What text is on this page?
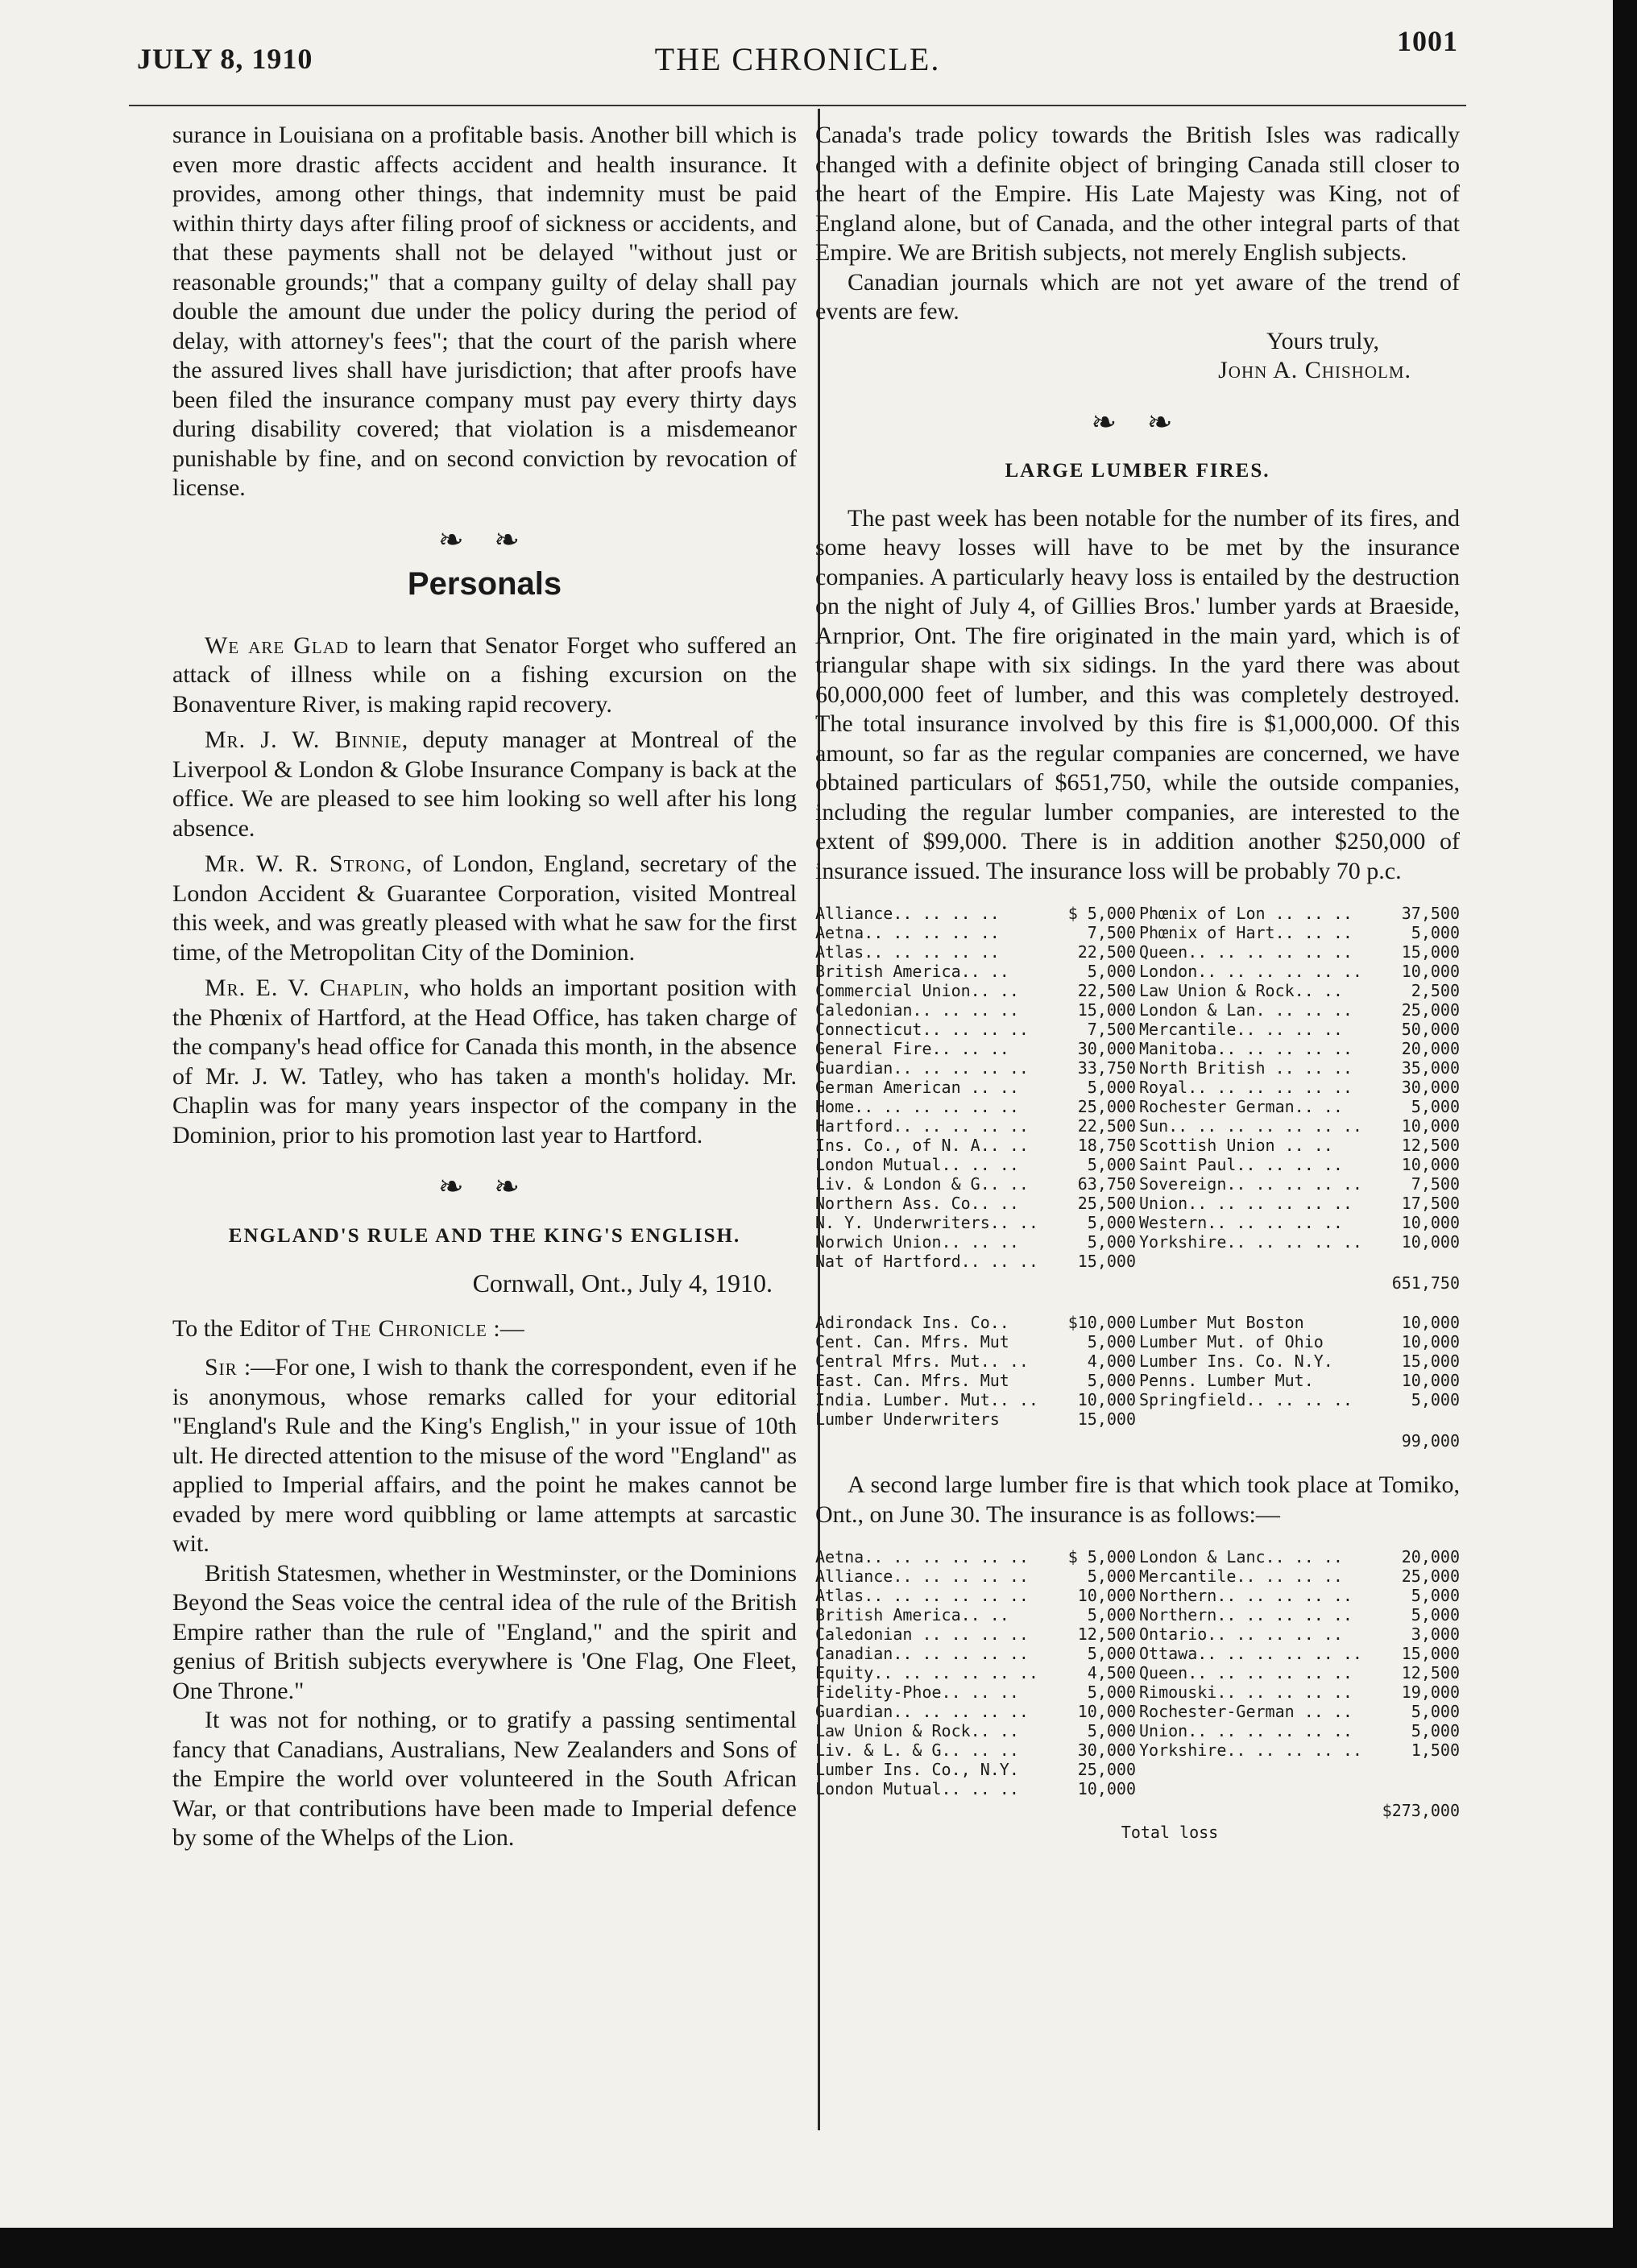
JULY 8, 1910	THE CHRONICLE.	1001

surance in Louisiana on a profitable basis. Another bill which is even more drastic affects accident and health insurance. It provides, among other things, that indemnity must be paid within thirty days after filing proof of sickness or accidents, and that these payments shall not be delayed "without just or reasonable grounds;" that a company guilty of delay shall pay double the amount due under the policy during the period of delay, with attorney's fees"; that the court of the parish where the assured lives shall have jurisdiction; that after proofs have been filed the insurance company must pay every thirty days during disability covered; that violation is a misdemeanor punishable by fine, and on second conviction by revocation of license.

❧ ❧
Personals

We are Glad to learn that Senator Forget who suffered an attack of illness while on a fishing excursion on the Bonaventure River, is making rapid recovery.

Mr. J. W. Binnie, deputy manager at Montreal of the Liverpool & London & Globe Insurance Company is back at the office. We are pleased to see him looking so well after his long absence.

Mr. W. R. Strong, of London, England, secretary of the London Accident & Guarantee Corporation, visited Montreal this week, and was greatly pleased with what he saw for the first time, of the Metropolitan City of the Dominion.

Mr. E. V. Chaplin, who holds an important position with the Phœnix of Hartford, at the Head Office, has taken charge of the company's head office for Canada this month, in the absence of Mr. J. W. Tatley, who has taken a month's holiday. Mr. Chaplin was for many years inspector of the company in the Dominion, prior to his promotion last year to Hartford.

❧ ❧
ENGLAND'S RULE AND THE KING'S ENGLISH.
Cornwall, Ont., July 4, 1910.

To the Editor of The Chronicle :—

Sir :—For one, I wish to thank the correspondent, even if he is anonymous, whose remarks called for your editorial "England's Rule and the King's English," in your issue of 10th ult. He directed attention to the misuse of the word "England" as applied to Imperial affairs, and the point he makes cannot be evaded by mere word quibbling or lame attempts at sarcastic wit.

British Statesmen, whether in Westminster, or the Dominions Beyond the Seas voice the central idea of the rule of the British Empire rather than the rule of "England," and the spirit and genius of British subjects everywhere is 'One Flag, One Fleet, One Throne."

It was not for nothing, or to gratify a passing sentimental fancy that Canadians, Australians, New Zealanders and Sons of the Empire the world over volunteered in the South African War, or that contributions have been made to Imperial defence by some of the Whelps of the Lion.

Canada's trade policy towards the British Isles was radically changed with a definite object of bringing Canada still closer to the heart of the Empire. His Late Majesty was King, not of England alone, but of Canada, and the other integral parts of that Empire. We are British subjects, not merely English subjects.

Canadian journals which are not yet aware of the trend of events are few.

Yours truly,

John A. Chisholm.

❧ ❧
LARGE LUMBER FIRES.

The past week has been notable for the number of its fires, and some heavy losses will have to be met by the insurance companies. A particularly heavy loss is entailed by the destruction on the night of July 4, of Gillies Bros.' lumber yards at Braeside, Arnprior, Ont. The fire originated in the main yard, which is of triangular shape with six sidings. In the yard there was about 60,000,000 feet of lumber, and this was completely destroyed. The total insurance involved by this fire is $1,000,000. Of this amount, so far as the regular companies are concerned, we have obtained particulars of $651,750, while the outside companies, including the regular lumber companies, are interested to the extent of $99,000. There is in addition another $250,000 of insurance issued. The insurance loss will be probably 70 p.c.

Alliance.. .. .. ..	$ 5,000 Phœnix of Lon .. .. ..	37,500
Aetna.. .. .. .. ..	7,500 Phœnix of Hart.. .. ..	5,000
Atlas.. .. .. .. ..	22,500 Queen.. .. .. .. .. ..	15,000
British America.. ..	5,000 London.. .. .. .. .. ..	10,000
Commercial Union.. ..	22,500 Law Union & Rock.. ..	2,500
Caledonian.. .. .. ..	15,000 London & Lan. .. .. ..	25,000
Connecticut.. .. .. ..	7,500 Mercantile.. .. .. ..	50,000
General Fire.. .. ..	30,000 Manitoba.. .. .. .. ..	20,000
Guardian.. .. .. .. ..	33,750 North British .. .. ..	35,000
German American .. ..	5,000 Royal.. .. .. .. .. ..	30,000
Home.. .. .. .. .. ..	25,000 Rochester German.. ..	5,000
Hartford.. .. .. .. ..	22,500 Sun.. .. .. .. .. .. ..	10,000
Ins. Co., of N. A.. ..	18,750 Scottish Union .. ..	12,500
London Mutual.. .. ..	5,000 Saint Paul.. .. .. ..	10,000
Liv. & London & G.. ..	63,750 Sovereign.. .. .. .. ..	7,500
Northern Ass. Co.. ..	25,500 Union.. .. .. .. .. ..	17,500
N. Y. Underwriters.. ..	5,000 Western.. .. .. .. ..	10,000
Norwich Union.. .. ..	5,000 Yorkshire.. .. .. .. ..	10,000
Nat of Hartford.. .. ..	15,000
651,750
Adirondack Ins. Co..	$10,000 Lumber Mut Boston	10,000
Cent. Can. Mfrs. Mut	5,000 Lumber Mut. of Ohio	10,000
Central Mfrs. Mut.. ..	4,000 Lumber Ins. Co. N.Y.	15,000
East. Can. Mfrs. Mut	5,000 Penns. Lumber Mut.	10,000
India. Lumber. Mut.. ..	10,000 Springfield.. .. .. ..	5,000
Lumber Underwriters	15,000
99,000

A second large lumber fire is that which took place at Tomiko, Ont., on June 30. The insurance is as follows:—

Aetna.. .. .. .. .. .. $ 5,000 London & Lanc.. .. ..	20,000
Alliance.. .. .. .. ..	5,000 Mercantile.. .. .. ..	25,000
Atlas.. .. .. .. .. ..	10,000 Northern.. .. .. .. ..	5,000
British America.. ..	5,000 Northern.. .. .. .. ..	5,000
Caledonian .. .. .. ..	12,500 Ontario.. .. .. .. ..	3,000
Canadian.. .. .. .. ..	5,000 Ottawa.. .. .. .. .. ..	15,000
Equity.. .. .. .. .. ..	4,500 Queen.. .. .. .. .. ..	12,500
Fidelity-Phoe.. .. ..	5,000 Rimouski.. .. .. .. ..	19,000
Guardian.. .. .. .. ..	10,000 Rochester-German .. ..	5,000
Law Union & Rock.. ..	5,000 Union.. .. .. .. .. ..	5,000
Liv. & L. & G.. .. ..	30,000 Yorkshire.. .. .. .. ..	1,500
Lumber Ins. Co., N.Y.	25,000
London Mutual.. .. ..	10,000
$273,000
Total loss
